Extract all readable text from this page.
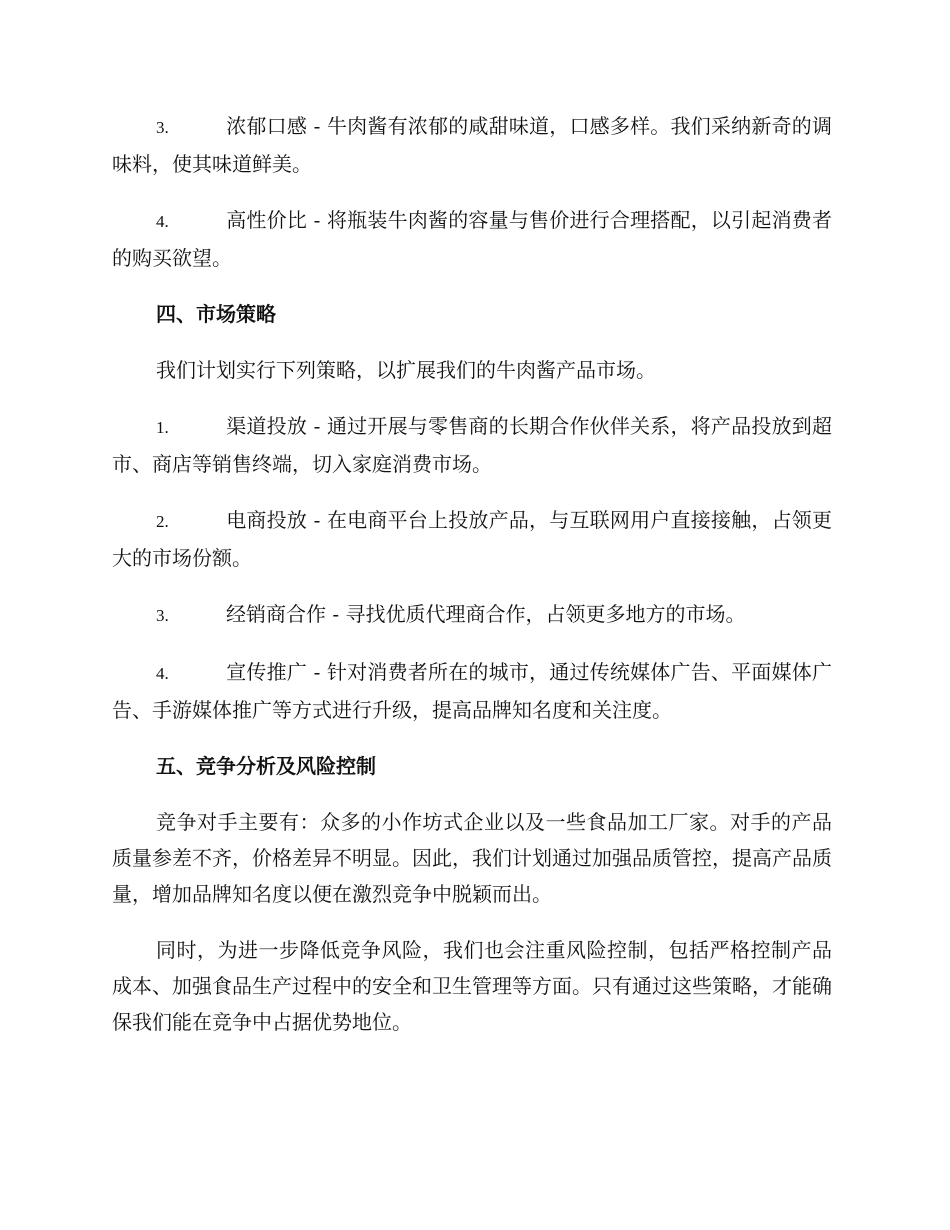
3.	浓郁口感 - 牛肉酱有浓郁的咸甜味道，口感多样。我们采纳新奇的调味料，使其味道鲜美。

4.	高性价比 - 将瓶装牛肉酱的容量与售价进行合理搭配，以引起消费者的购买欲望。

四、市场策略

我们计划实行下列策略，以扩展我们的牛肉酱产品市场。

1.	渠道投放 - 通过开展与零售商的长期合作伙伴关系，将产品投放到超市、商店等销售终端，切入家庭消费市场。

2.	电商投放 - 在电商平台上投放产品，与互联网用户直接接触，占领更大的市场份额。

3.	经销商合作 - 寻找优质代理商合作，占领更多地方的市场。

4.	宣传推广 - 针对消费者所在的城市，通过传统媒体广告、平面媒体广告、手游媒体推广等方式进行升级，提高品牌知名度和关注度。

五、竞争分析及风险控制

竞争对手主要有：众多的小作坊式企业以及一些食品加工厂家。对手的产品质量参差不齐，价格差异不明显。因此，我们计划通过加强品质管控，提高产品质量，增加品牌知名度以便在激烈竞争中脱颖而出。

同时，为进一步降低竞争风险，我们也会注重风险控制，包括严格控制产品成本、加强食品生产过程中的安全和卫生管理等方面。只有通过这些策略，才能确保我们能在竞争中占据优势地位。
